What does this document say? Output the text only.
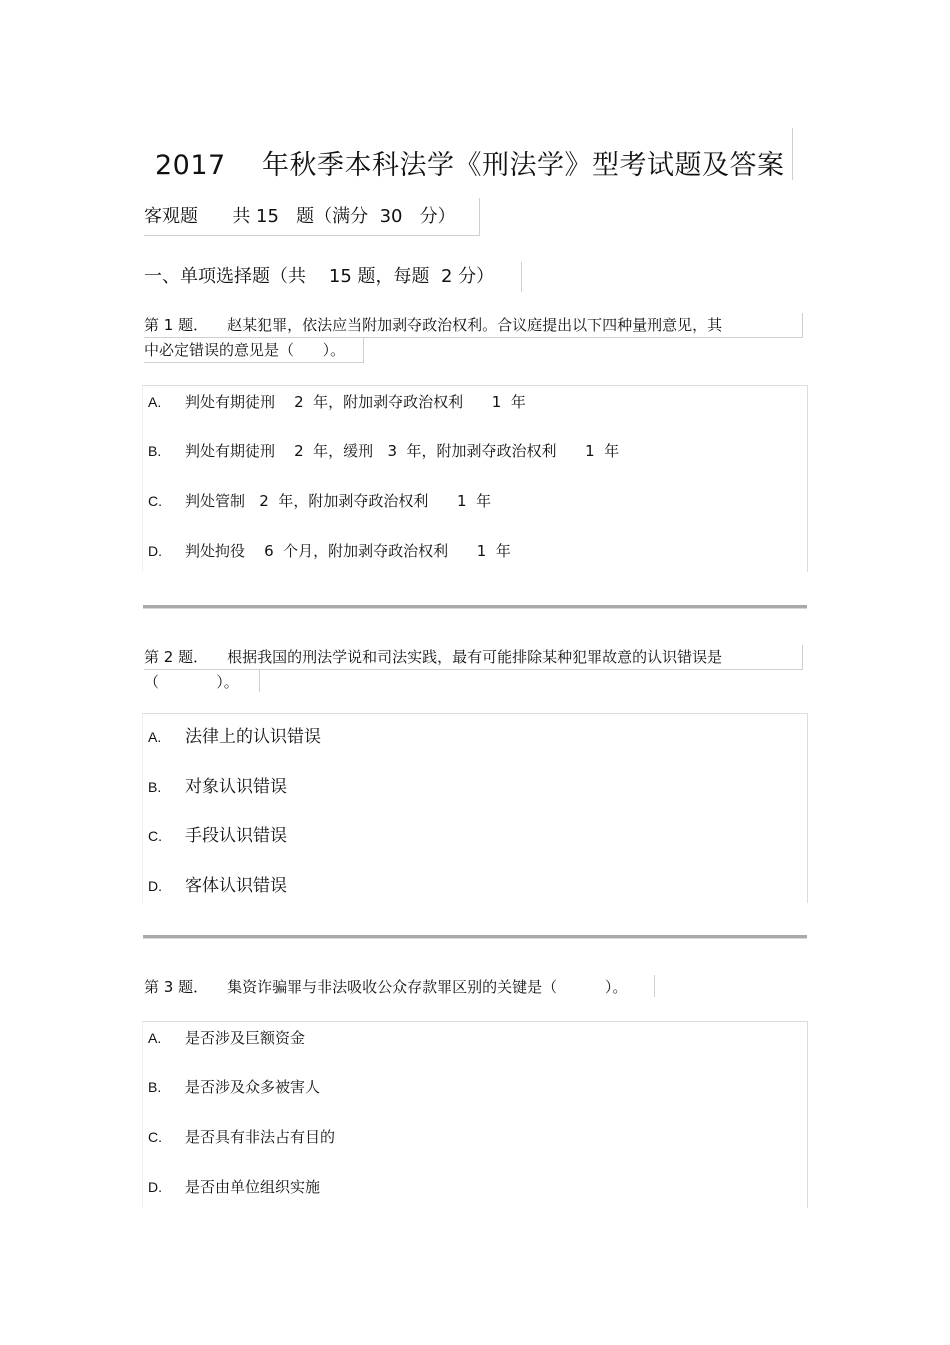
2017    年秋季本科法学《刑法学》型考试题及答案
客观题      共 15   题（满分  30   分）
一、单项选择题（共    15 题，每题  2 分）

第 1 题．    赵某犯罪，依法应当附加剥夺政治权利。合议庭提出以下四种量刑意见，其

中必定错误的意见是（      ）。

A.	判处有期徒刑    2  年，附加剥夺政治权利      1  年

B.	判处有期徒刑    2  年，缓刑   3  年，附加剥夺政治权利      1  年

C.	判处管制   2  年，附加剥夺政治权利      1  年

D.	判处拘役    6  个月，附加剥夺政治权利      1  年

第 2 题．    根据我国的刑法学说和司法实践，最有可能排除某种犯罪故意的认识错误是

（            ）。

A.	法律上的认识错误
B.	对象认识错误
C.	手段认识错误
D.	客体认识错误

第 3 题．    集资诈骗罪与非法吸收公众存款罪区别的关键是（          ）。

A.	是否涉及巨额资金

B.	是否涉及众多被害人

C.	是否具有非法占有目的

D.	是否由单位组织实施
